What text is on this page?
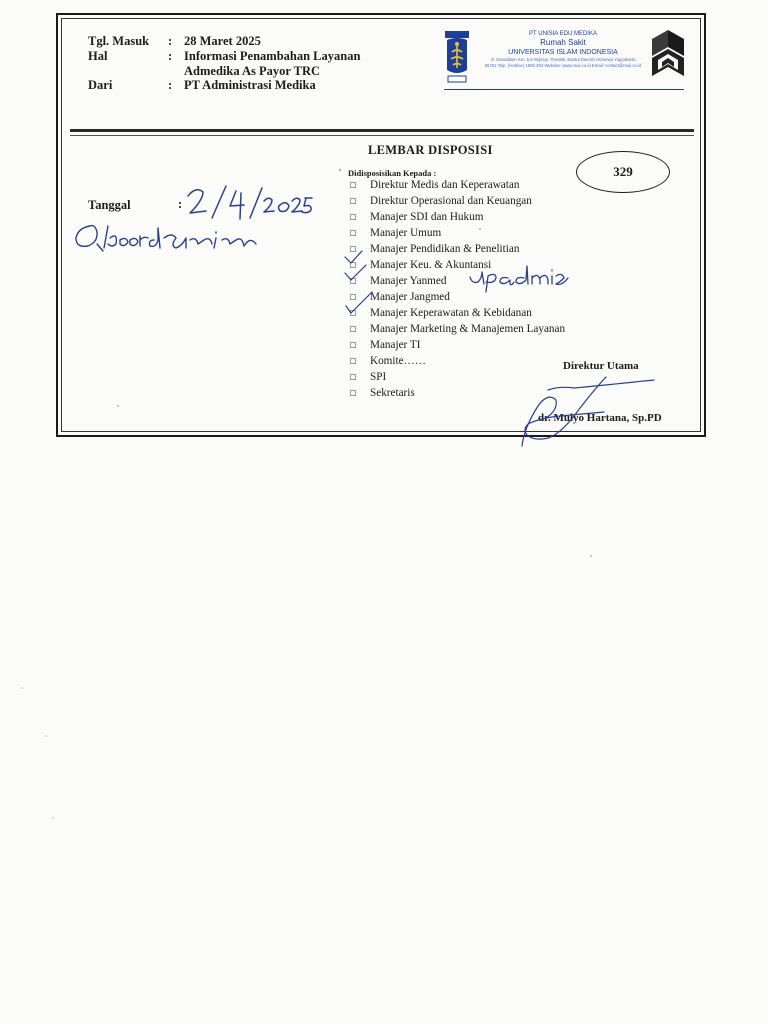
Tgl. Masuk : 28 Maret 2025
Hal	: Informasi Penambahan Layanan
Admedika As Payor TRC
Dari	: PT Administrasi Medika
PT UNISIA EDU MEDIKA
Rumah Sakit
UNIVERSITAS ISLAM INDONESIA
Jl. Srandakan Km. 5,5 Wijirejo, Pandak, Bantul Daerah Istimewa Yogyakarta
55761 Telp. (Hotline) 1500 204 Website: www.rsuii.co.id Email: contact@rsuii.co.id
LEMBAR DISPOSISI
329
Didisposisikan Kepada :
Direktur Medis dan Keperawatan
Direktur Operasional dan Keuangan
Manajer SDI dan Hukum
Manajer Umum
Manajer Pendidikan & Penelitian
Manajer Keu. & Akuntansi
Manajer Yanmed
Manajer Jangmed
Manajer Keperawatan & Kebidanan
Manajer Marketing & Manajemen Layanan
Manajer TI
Komite……
SPI
Sekretaris
Tanggal	:
Direktur Utama
dr. Mulyo Hartana, Sp.PD
